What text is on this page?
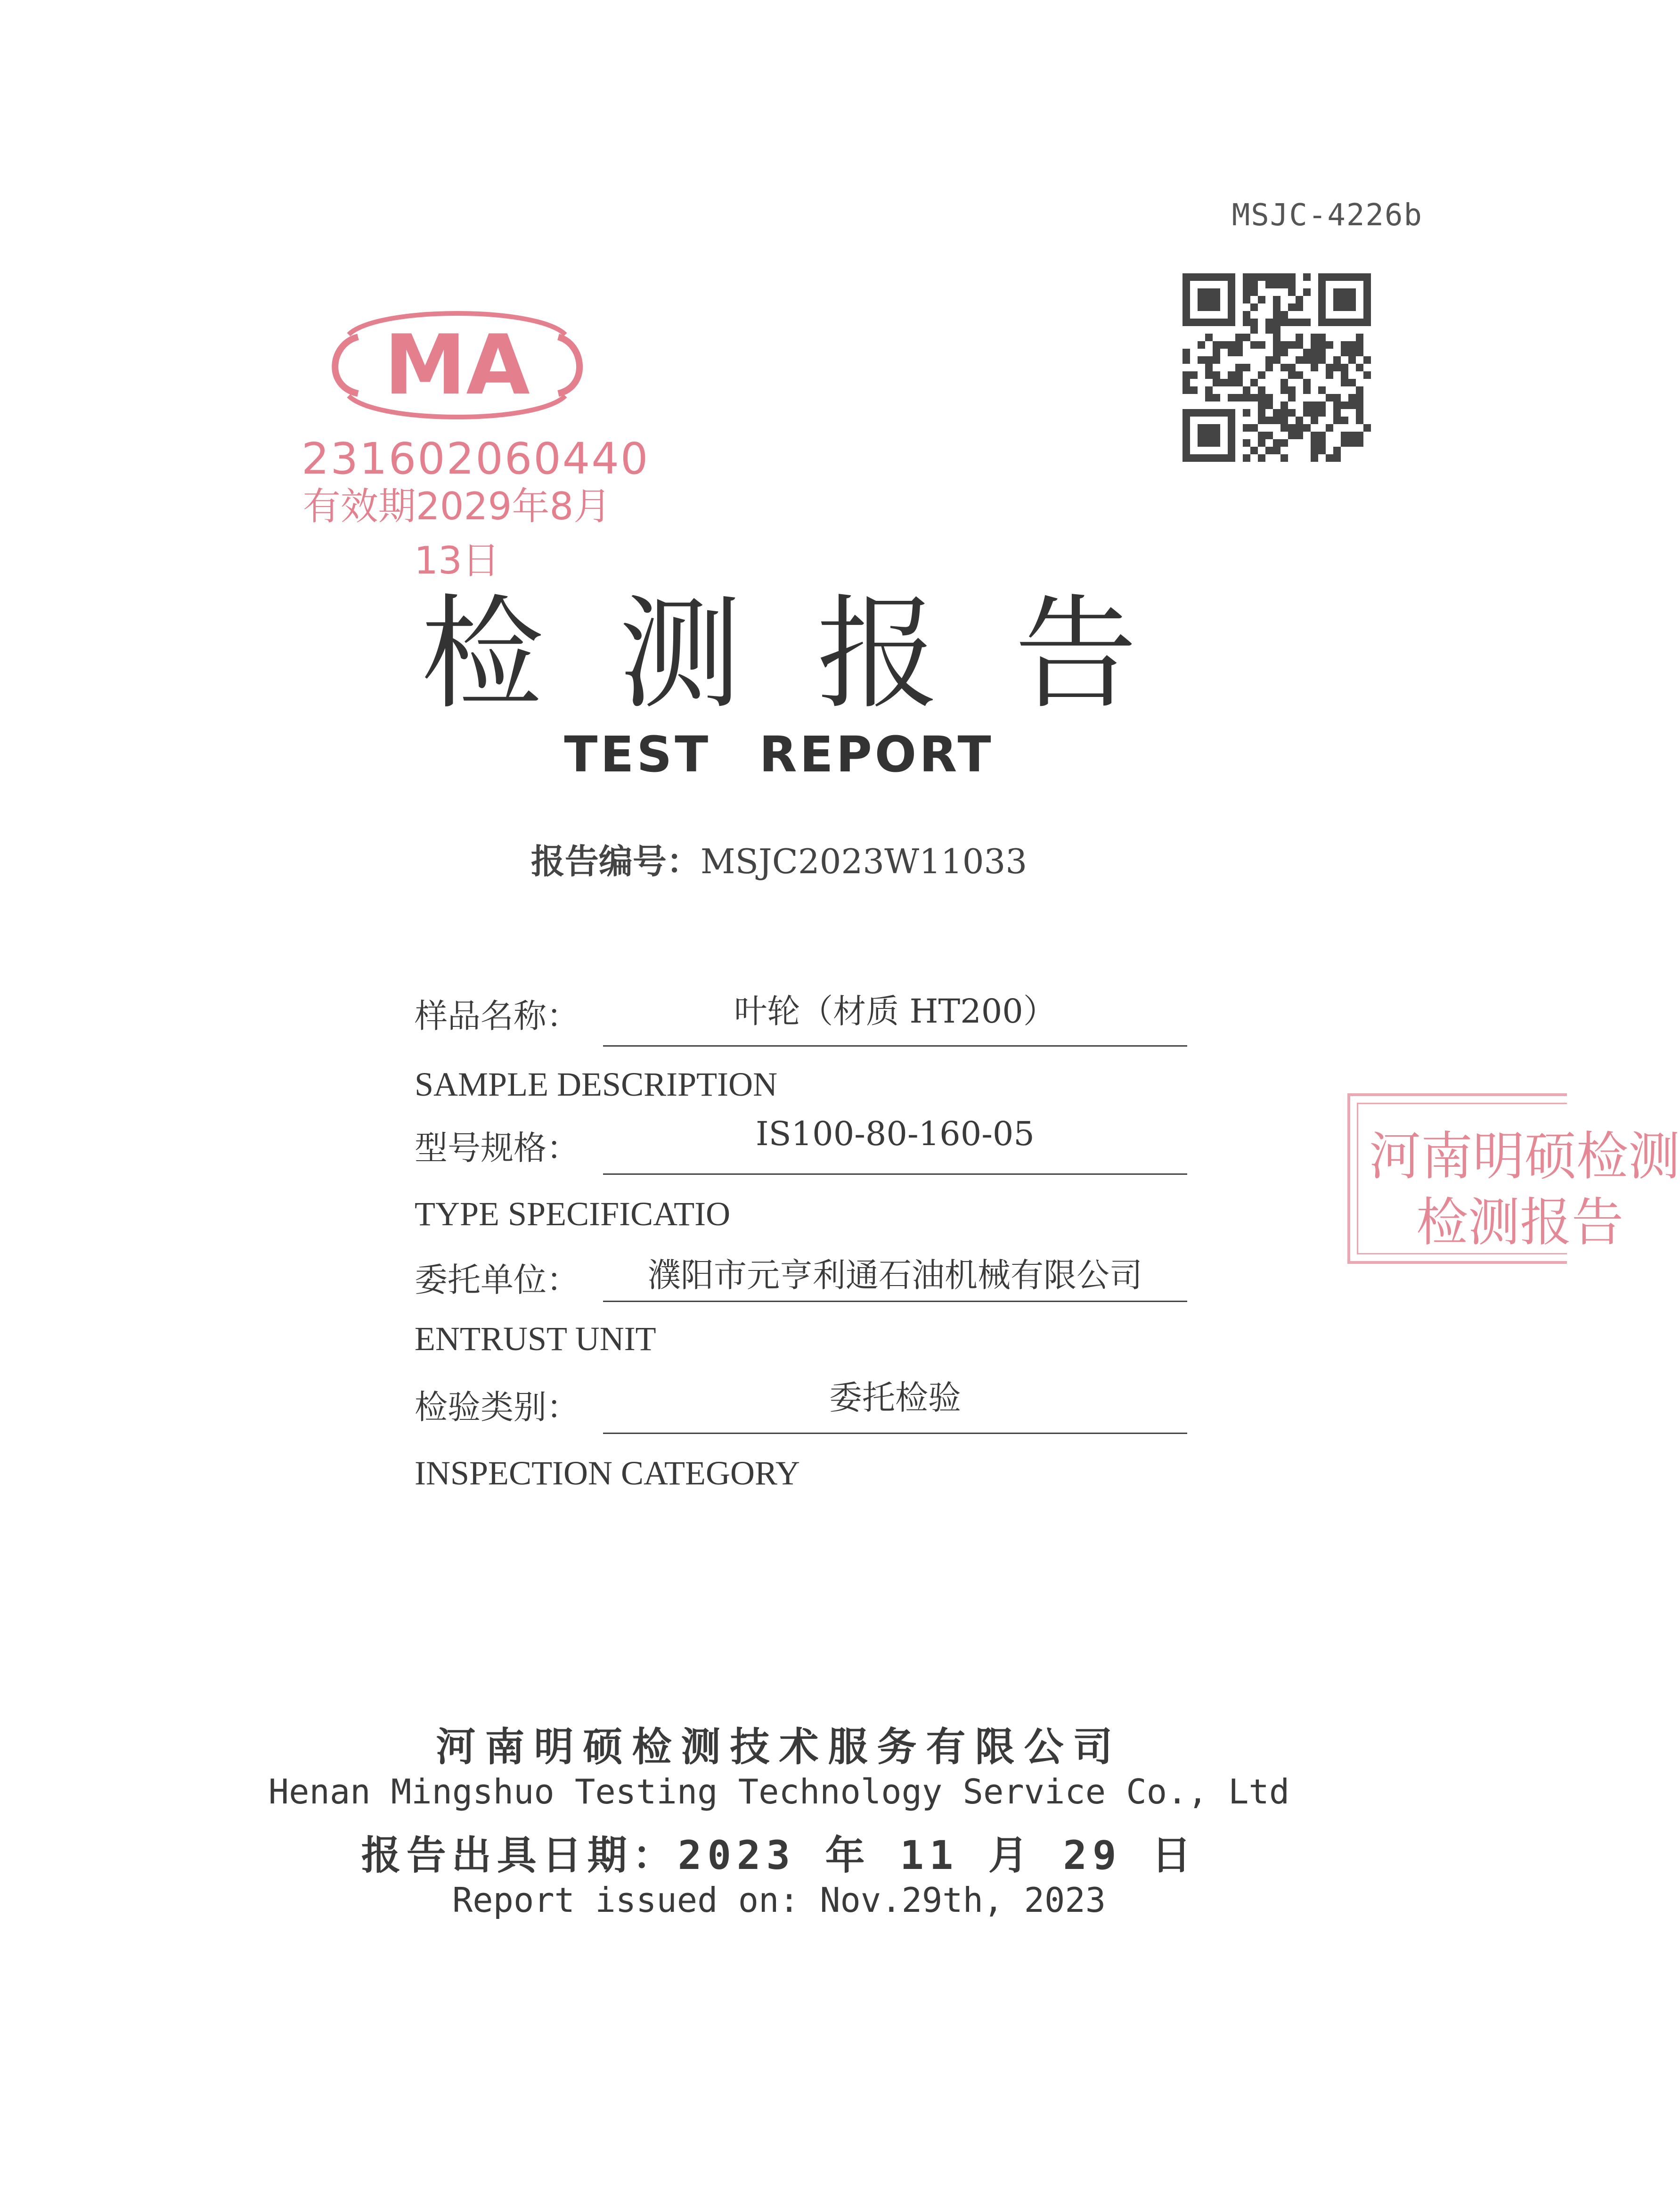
MSJC-4226b
MA
231602060440
有效期2029年8月13日
检测报告
TEST REPORT
报告编号：MSJC2023W11033
样品名称：	叶轮（材质 HT200）
SAMPLE DESCRIPTION
型号规格：	IS100-80-160-05
TYPE SPECIFICATIO
委托单位：	濮阳市元亨利通石油机械有限公司
ENTRUST UNIT
检验类别：	委托检验
INSPECTION CATEGORY
河南明硕检测
检测报告
河南明硕检测技术服务有限公司
Henan Mingshuo Testing Technology Service Co., Ltd
报告出具日期：2023 年 11 月 29 日
Report issued on: Nov.29th, 2023
